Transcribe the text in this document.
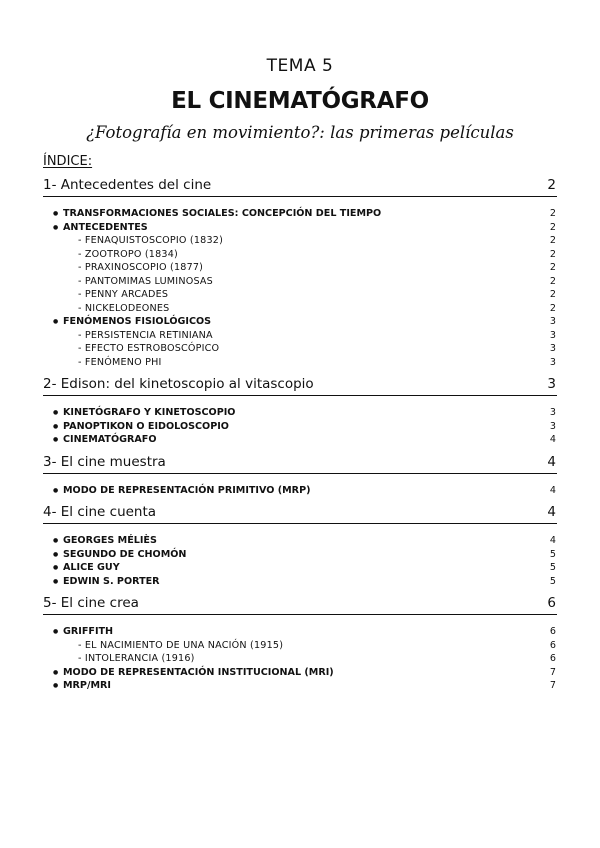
TEMA 5
EL CINEMATÓGRAFO
¿Fotografía en movimiento?: las primeras películas
ÍNDICE:
1- Antecedentes del cine	2
● TRANSFORMACIONES SOCIALES: CONCEPCIÓN DEL TIEMPO	2
● ANTECEDENTES	2
- FENAQUISTOSCOPIO (1832)	2
- ZOOTROPO (1834)	2
- PRAXINOSCOPIO (1877)	2
- PANTOMIMAS LUMINOSAS	2
- PENNY ARCADES	2
- NICKELODEONES	2
● FENÓMENOS FISIOLÓGICOS	3
- PERSISTENCIA RETINIANA	3
- EFECTO ESTROBOSCÓPICO	3
- FENÓMENO PHI	3
2- Edison: del kinetoscopio al vitascopio	3
● KINETÓGRAFO Y KINETOSCOPIO	3
● PANOPTIKON O EIDOLOSCOPIO	3
● CINEMATÓGRAFO	4
3- El cine muestra	4
● MODO DE REPRESENTACIÓN PRIMITIVO (MRP)	4
4- El cine cuenta	4
● GEORGES MÉLIÈS	4
● SEGUNDO DE CHOMÓN	5
● ALICE GUY	5
● EDWIN S. PORTER	5
5- El cine crea	6
● GRIFFITH	6
- EL NACIMIENTO DE UNA NACIÓN (1915)	6
- INTOLERANCIA (1916)	6
● MODO DE REPRESENTACIÓN INSTITUCIONAL (MRI)	7
● MRP/MRI	7
